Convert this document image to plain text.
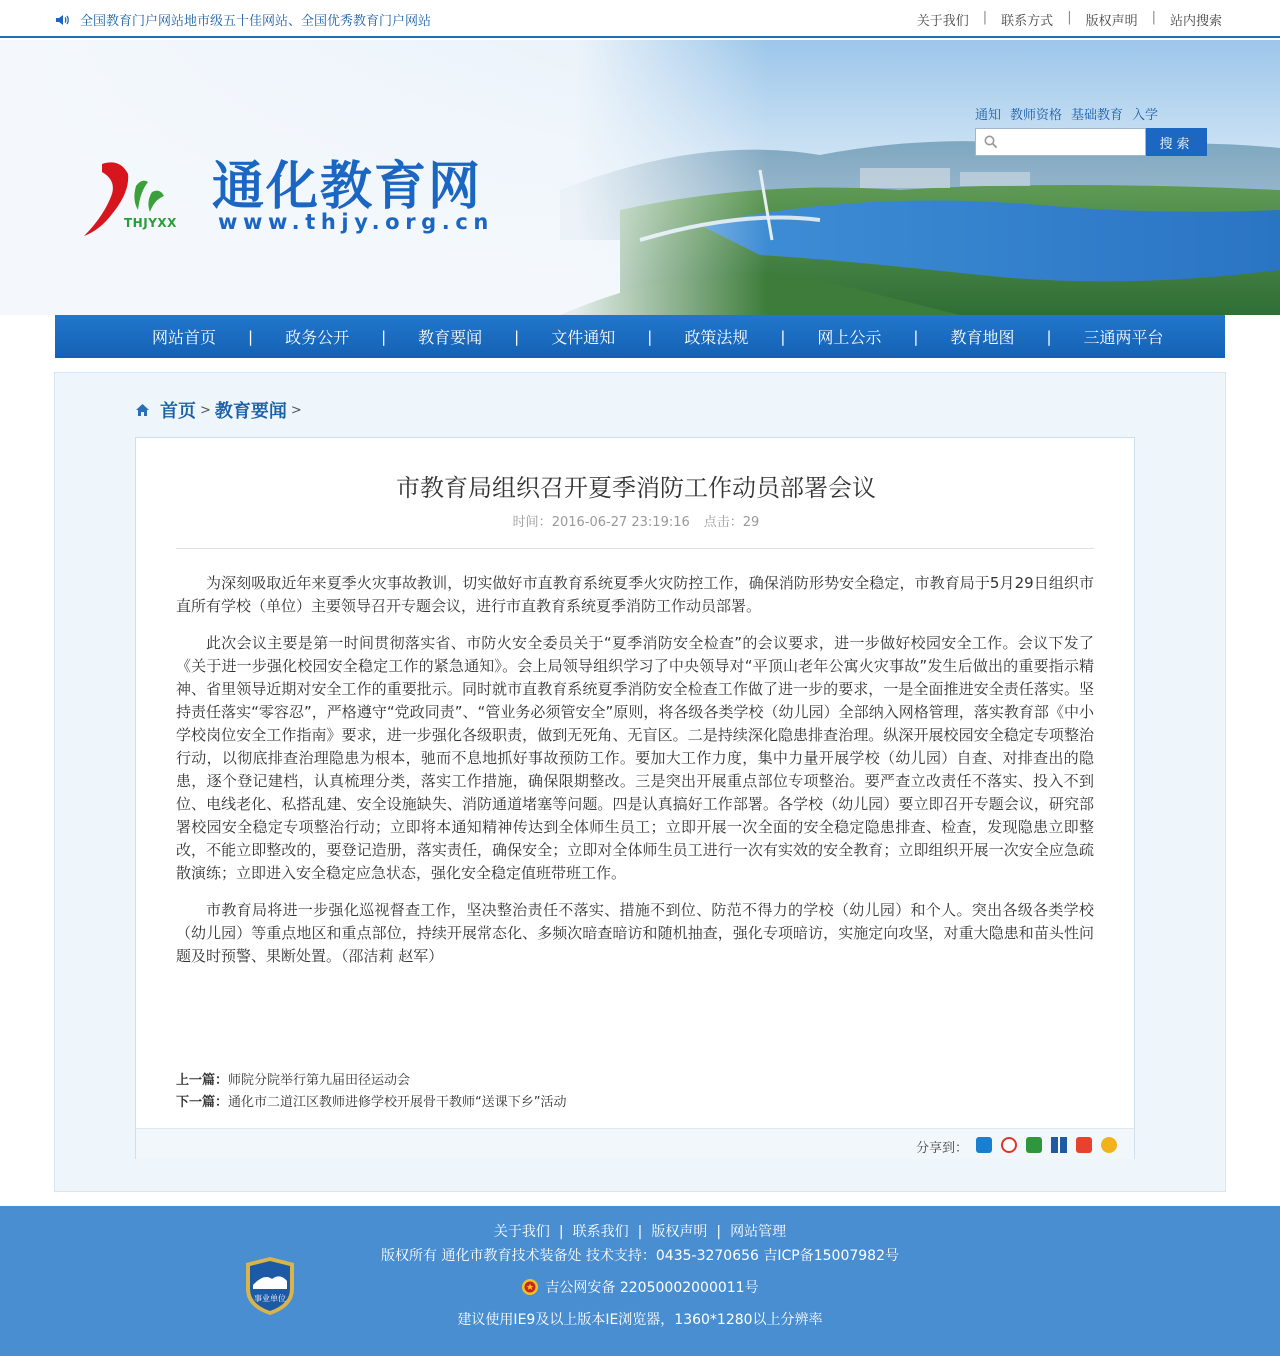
全国教育门户网站地市级五十佳网站、全国优秀教育门户网站	关于我们 | 联系方式 | 版权声明 | 站内搜索
THJYXX
通化教育网
www.thjy.org.cn
通知 教师资格 基础教育 入学
搜索
网站首页 | 政务公开 | 教育要闻 | 文件通知 | 政策法规 | 网上公示 | 教育地图 | 三通两平台
首页 > 教育要闻 >
市教育局组织召开夏季消防工作动员部署会议
时间：2016-06-27 23:19:16 点击：29

为深刻吸取近年来夏季火灾事故教训，切实做好市直教育系统夏季火灾防控工作，确保消防形势安全稳定，市教育局于5月29日组织市直所有学校（单位）主要领导召开专题会议，进行市直教育系统夏季消防工作动员部署。

此次会议主要是第一时间贯彻落实省、市防火安全委员关于“夏季消防安全检查”的会议要求，进一步做好校园安全工作。会议下发了《关于进一步强化校园安全稳定工作的紧急通知》。会上局领导组织学习了中央领导对“平顶山老年公寓火灾事故”发生后做出的重要指示精神、省里领导近期对安全工作的重要批示。同时就市直教育系统夏季消防安全检查工作做了进一步的要求，一是全面推进安全责任落实。坚持责任落实“零容忍”，严格遵守“党政同责”、“管业务必须管安全”原则，将各级各类学校（幼儿园）全部纳入网格管理，落实教育部《中小学校岗位安全工作指南》要求，进一步强化各级职责，做到无死角、无盲区。二是持续深化隐患排查治理。纵深开展校园安全稳定专项整治行动，以彻底排查治理隐患为根本，驰而不息地抓好事故预防工作。要加大工作力度，集中力量开展学校（幼儿园）自查、对排查出的隐患，逐个登记建档，认真梳理分类，落实工作措施，确保限期整改。三是突出开展重点部位专项整治。要严查立改责任不落实、投入不到位、电线老化、私搭乱建、安全设施缺失、消防通道堵塞等问题。四是认真搞好工作部署。各学校（幼儿园）要立即召开专题会议，研究部署校园安全稳定专项整治行动；立即将本通知精神传达到全体师生员工；立即开展一次全面的安全稳定隐患排查、检查，发现隐患立即整改，不能立即整改的，要登记造册，落实责任，确保安全；立即对全体师生员工进行一次有实效的安全教育；立即组织开展一次安全应急疏散演练；立即进入安全稳定应急状态，强化安全稳定值班带班工作。

市教育局将进一步强化巡视督查工作，坚决整治责任不落实、措施不到位、防范不得力的学校（幼儿园）和个人。突出各级各类学校（幼儿园）等重点地区和重点部位，持续开展常态化、多频次暗查暗访和随机抽查，强化专项暗访，实施定向攻坚，对重大隐患和苗头性问题及时预警、果断处置。（邵洁莉 赵军）

上一篇：师院分院举行第九届田径运动会
下一篇：通化市二道江区教师进修学校开展骨干教师“送课下乡”活动
分享到：
关于我们 | 联系我们 | 版权声明 | 网站管理
版权所有 通化市教育技术装备处 技术支持：0435-3270656 吉ICP备15007982号
吉公网安备 22050002000011号
建议使用IE9及以上版本IE浏览器，1360*1280以上分辨率
事业单位
